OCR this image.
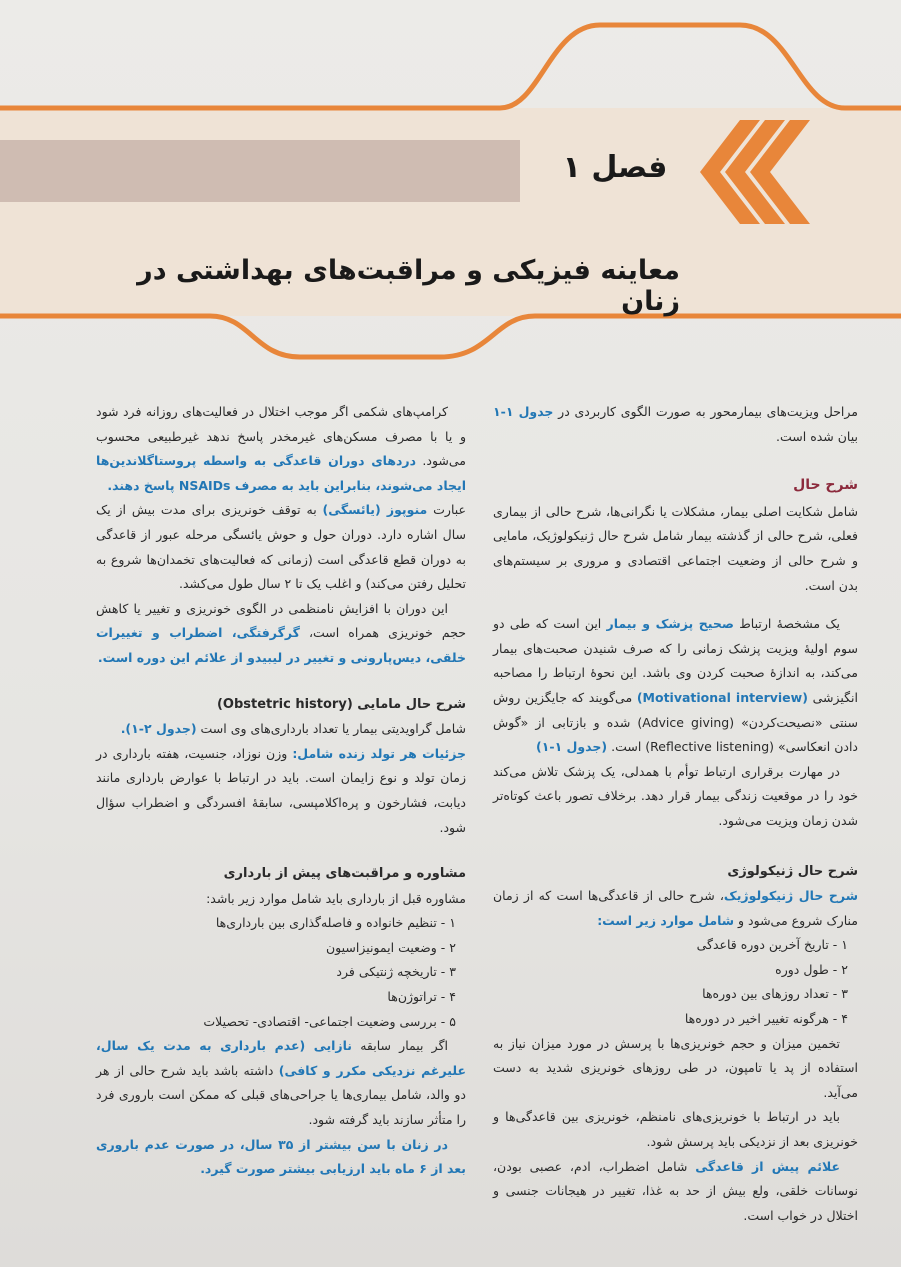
فصل ۱
معاینه فیزیکی و مراقبت‌های بهداشتی در زنان

مراحل ویزیت‌های بیمارمحور به صورت الگوی کاربردی در جدول ۱-۱ بیان شده است.

شرح حال

شامل شکایت اصلی بیمار، مشکلات یا نگرانی‌ها، شرح حالی از بیماری فعلی، شرح حالی از گذشته بیمار شامل شرح حال ژنیکولوژیک، مامایی و شرح حالی از وضعیت اجتماعی اقتصادی و مروری بر سیستم‌های بدن است.

یک مشخصهٔ ارتباط صحیح پزشک و بیمار این است که طی دو سوم اولیهٔ ویزیت پزشک زمانی را که صرف شنیدن صحبت‌های بیمار می‌کند، به اندازهٔ صحبت کردن وی باشد. این نحوهٔ ارتباط را مصاحبه انگیزشی (Motivational interview) می‌گویند که جایگزین روش سنتی «نصیحت‌کردن» (Advice giving) شده و بازتابی از «گوش دادن انعکاسی» (Reflective listening) است. (جدول ۱-۱)

در مهارت برقراری ارتباط توأم با همدلی، یک پزشک تلاش می‌کند خود را در موقعیت زندگی بیمار قرار دهد. برخلاف تصور باعث کوتاه‌تر شدن زمان ویزیت می‌شود.

شرح حال ژنیکولوژی

شرح حال ژنیکولوژیک، شرح حالی از قاعدگی‌ها است که از زمان منارک شروع می‌شود و شامل موارد زیر است:

۱ - تاریخ آخرین دوره قاعدگی

۲ - طول دوره

۳ - تعداد روزهای بین دوره‌ها

۴ - هرگونه تغییر اخیر در دوره‌ها

تخمین میزان و حجم خونریزی‌ها با پرسش در مورد میزان نیاز به استفاده از پد یا تامپون، در طی روزهای خونریزی شدید به دست می‌آید.

باید در ارتباط با خونریزی‌های نامنظم، خونریزی بین قاعدگی‌ها و خونریزی بعد از نزدیکی باید پرسش شود.

علائم پیش از قاعدگی شامل اضطراب، ادم، عصبی بودن، نوسانات خلقی، ولع بیش از حد به غذا، تغییر در هیجانات جنسی و اختلال در خواب است.

کرامپ‌های شکمی اگر موجب اختلال در فعالیت‌های روزانه فرد شود و یا با مصرف مسکن‌های غیرمخدر پاسخ ندهد غیرطبیعی محسوب می‌شود. دردهای دوران قاعدگی به واسطه پروستاگلاندین‌ها ایجاد می‌شوند، بنابراین باید به مصرف NSAIDs پاسخ دهند.

عبارت منوپوز (یائسگی) به توقف خونریزی برای مدت بیش از یک سال اشاره دارد. دوران حول و حوش یائسگی مرحله عبور از قاعدگی به دوران قطع قاعدگی است (زمانی که فعالیت‌های تخمدان‌ها شروع به تحلیل رفتن می‌کند) و اغلب یک تا ۲ سال طول می‌کشد.

این دوران با افزایش نامنظمی در الگوی خونریزی و تغییر یا کاهش حجم خونریزی همراه است، گرگرفتگی، اضطراب و تغییرات خلقی، دیس‌پارونی و تغییر در لیبیدو از علائم این دوره است.

شرح حال مامایی (Obstetric history)

شامل گراویدیتی بیمار یا تعداد بارداری‌های وی است (جدول ۲-۱).

جزئیات هر تولد زنده شامل: وزن نوزاد، جنسیت، هفته بارداری در زمان تولد و نوع زایمان است. باید در ارتباط با عوارض بارداری مانند دیابت، فشارخون و پره‌اکلامپسی، سابقهٔ افسردگی و اضطراب سؤال شود.

مشاوره و مراقبت‌های پیش از بارداری

مشاوره قبل از بارداری باید شامل موارد زیر باشد:

۱ - تنظیم خانواده و فاصله‌گذاری بین بارداری‌ها

۲ - وضعیت ایمونیزاسیون

۳ - تاریخچه ژنتیکی فرد

۴ - تراتوژن‌ها

۵ - بررسی وضعیت اجتماعی- اقتصادی- تحصیلات

اگر بیمار سابقه نازایی (عدم بارداری به مدت یک سال، علیرغم نزدیکی مکرر و کافی) داشته باشد باید شرح حالی از هر دو والد، شامل بیماری‌ها یا جراحی‌های قبلی که ممکن است باروری فرد را متأثر سازند باید گرفته شود.

در زنان با سن بیشتر از ۳۵ سال، در صورت عدم باروری بعد از ۶ ماه باید ارزیابی بیشتر صورت گیرد.
